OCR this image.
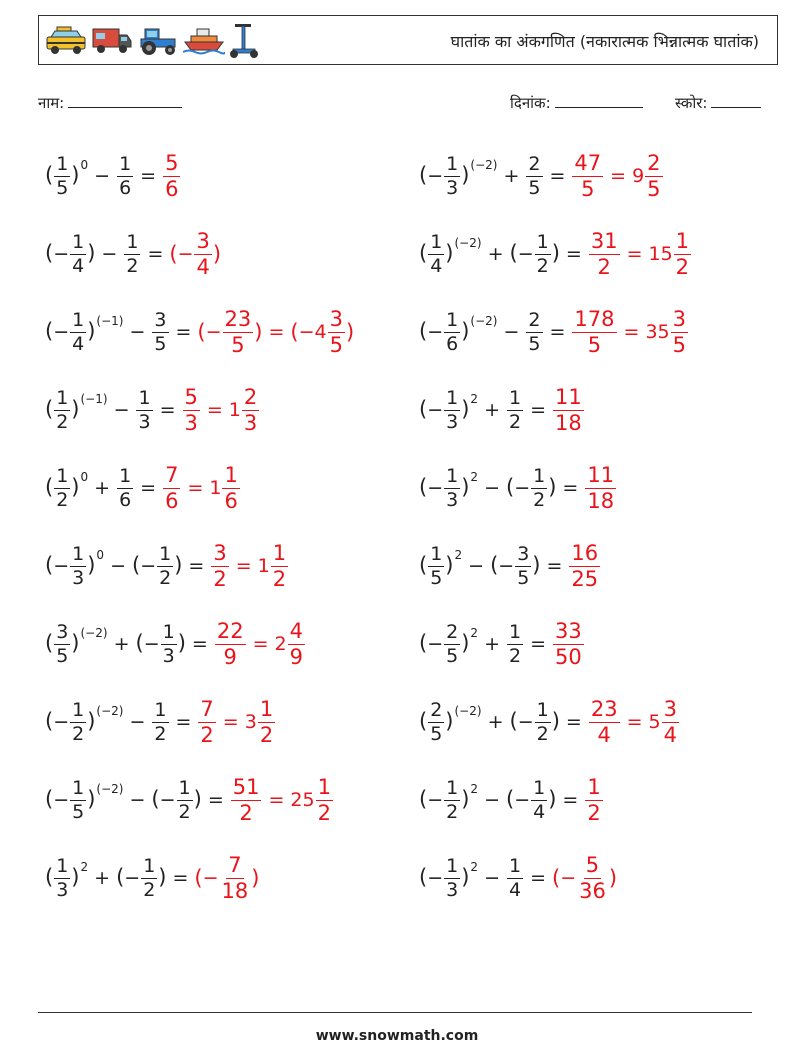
घातांक का अंकगणित (नकारात्मक भिन्नात्मक घातांक)
नाम:	दिनांक:	स्कोर:
( $\frac{1}{5} )^0 - \frac{1}{6} = \frac{5}{6}$	(− $\frac{1}{3} )^{(-2)} + \frac{2}{5} = \frac{47}{5} = 9 \frac{2}{5}$
(− $\frac{1}{4}$ ) − $\frac{1}{2}$ = ( − $\frac{3}{4}$ )	( $\frac{1}{4} )^{(-2)}$ + (− $\frac{1}{2}$ ) = $\frac{31}{2} = 15 \frac{1}{2}$
(− $\frac{1}{4} )^{(-1)} - \frac{3}{5}$ = ( − $\frac{23}{5}$ ) = ( − $4 \frac{3}{5}$ )	(− $\frac{1}{6} )^{(-2)} - \frac{2}{5} = \frac{178}{5} = 35 \frac{3}{5}$
( $\frac{1}{2} )^{(-1)} - \frac{1}{3} = \frac{5}{3} = 1 \frac{2}{3}$	(− $\frac{1}{3} )^2 + \frac{1}{2} = \frac{11}{18}$
( $\frac{1}{2} )^0 + \frac{1}{6} = \frac{7}{6} = 1 \frac{1}{6}$	(− $\frac{1}{3} )^2$ − (− $\frac{1}{2}$ ) = $\frac{11}{18}$
(− $\frac{1}{3} )^0$ − (− $\frac{1}{2}$ ) = $\frac{3}{2} = 1 \frac{1}{2}$	( $\frac{1}{5} )^2$ − (− $\frac{3}{5}$ ) = $\frac{16}{25}$
( $\frac{3}{5} )^{(-2)}$ + (− $\frac{1}{3}$ ) = $\frac{22}{9} = 2 \frac{4}{9}$	(− $\frac{2}{5} )^2 + \frac{1}{2} = \frac{33}{50}$
(− $\frac{1}{2} )^{(-2)} - \frac{1}{2} = \frac{7}{2} = 3 \frac{1}{2}$	( $\frac{2}{5} )^{(-2)}$ + (− $\frac{1}{2}$ ) = $\frac{23}{4} = 5 \frac{3}{4}$
(− $\frac{1}{5} )^{(-2)}$ − (− $\frac{1}{2}$ ) = $\frac{51}{2} = 25 \frac{1}{2}$	(− $\frac{1}{2} )^2$ − (− $\frac{1}{4}$ ) = $\frac{1}{2}$
( $\frac{1}{3} )^2$ + (− $\frac{1}{2}$ ) = ( − $\frac{7}{18}$ )	(− $\frac{1}{3} )^2 - \frac{1}{4}$ = ( − $\frac{5}{36}$ )
www.snowmath.com
